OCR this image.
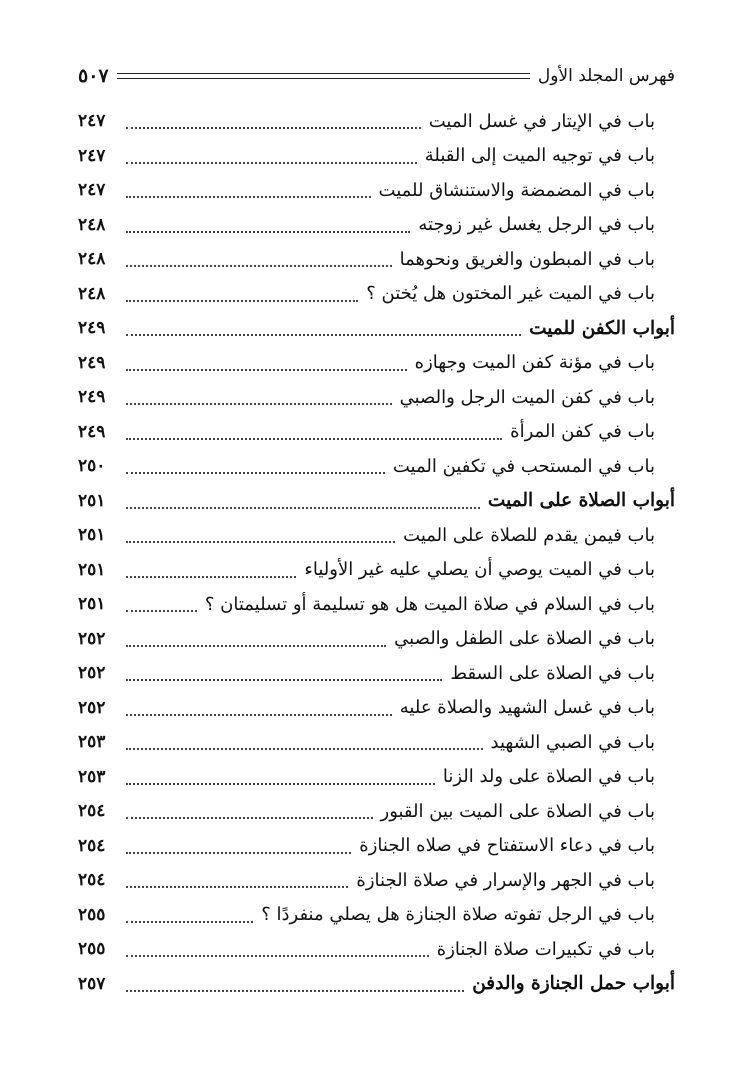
فهرس المجلد الأول
٥٠٧
باب في الإيتار في غسل الميت
٢٤٧
باب في توجيه الميت إلى القبلة
٢٤٧
باب في المضمضة والاستنشاق للميت
٢٤٧
باب في الرجل يغسل غير زوجته
٢٤٨
باب في المبطون والغريق ونحوهما
٢٤٨
باب في الميت غير المختون هل يُختن ؟
٢٤٨
أبواب الكفن للميت
٢٤٩
باب في مؤنة كفن الميت وجهازه
٢٤٩
باب في كفن الميت الرجل والصبي
٢٤٩
باب في كفن المرأة
٢٤٩
باب في المستحب في تكفين الميت
٢٥٠
أبواب الصلاة على الميت
٢٥١
باب فيمن يقدم للصلاة على الميت
٢٥١
باب في الميت يوصي أن يصلي عليه غير الأولياء
٢٥١
باب في السلام في صلاة الميت هل هو تسليمة أو تسليمتان ؟
٢٥١
باب في الصلاة على الطفل والصبي
٢٥٢
باب في الصلاة على السقط
٢٥٢
باب في غسل الشهيد والصلاة عليه
٢٥٢
باب في الصبي الشهيد
٢٥٣
باب في الصلاة على ولد الزنا
٢٥٣
باب في الصلاة على الميت بين القبور
٢٥٤
باب في دعاء الاستفتاح في صلاه الجنازة
٢٥٤
باب في الجهر والإسرار في صلاة الجنازة
٢٥٤
باب في الرجل تفوته صلاة الجنازة هل يصلي منفردًا ؟
٢٥٥
باب في تكبيرات صلاة الجنازة
٢٥٥
أبواب حمل الجنازة والدفن
٢٥٧
